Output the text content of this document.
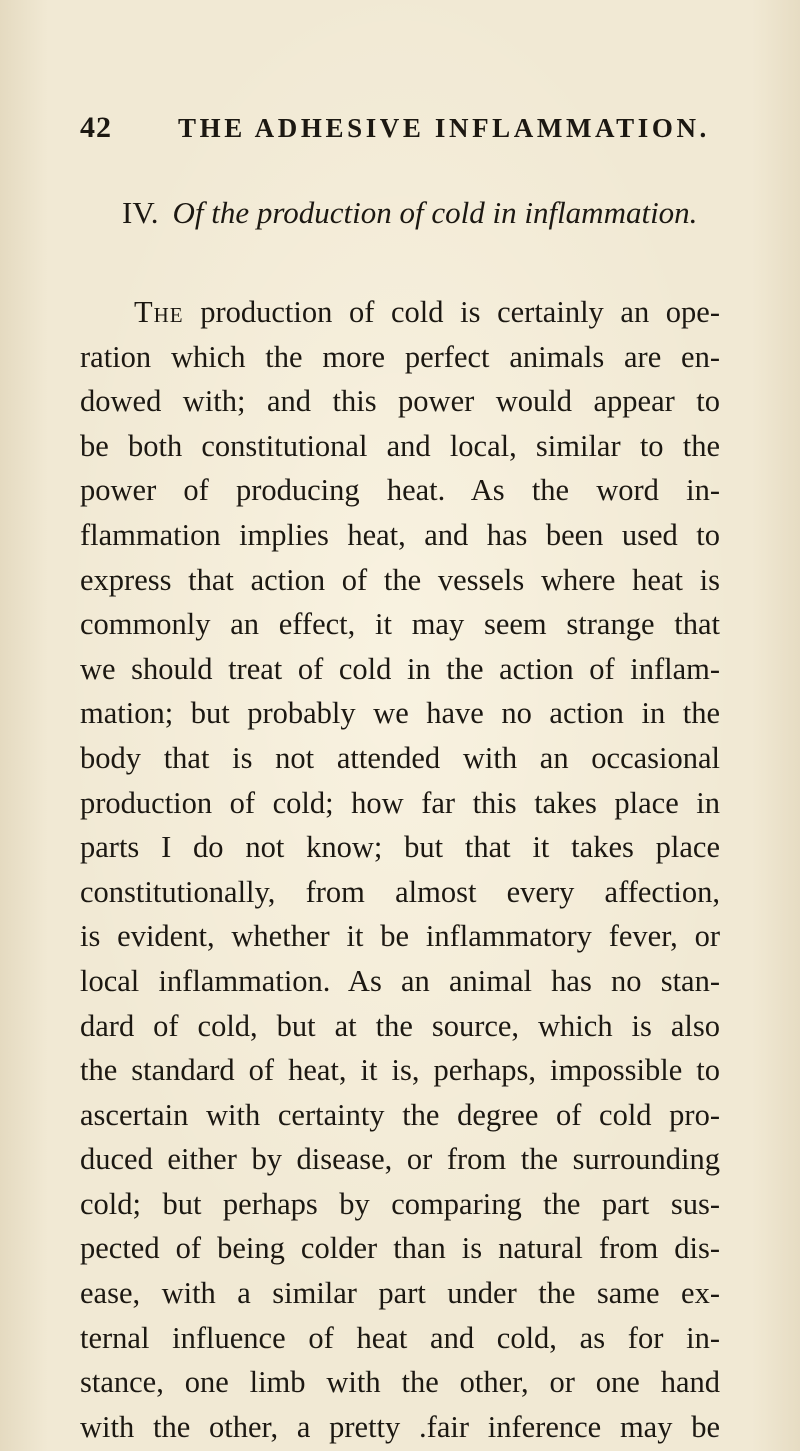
42 THE ADHESIVE INFLAMMATION.
IV. Of the production of cold in inflammation.
The production of cold is certainly an ope-
ration which the more perfect animals are en-
dowed with; and this power would appear to
be both constitutional and local, similar to the
power of producing heat. As the word in-
flammation implies heat, and has been used to
express that action of the vessels where heat is
commonly an effect, it may seem strange that
we should treat of cold in the action of inflam-
mation; but probably we have no action in the
body that is not attended with an occasional
production of cold; how far this takes place in
parts I do not know; but that it takes place
constitutionally, from almost every affection,
is evident, whether it be inflammatory fever, or
local inflammation. As an animal has no stan-
dard of cold, but at the source, which is also
the standard of heat, it is, perhaps, impossible to
ascertain with certainty the degree of cold pro-
duced either by disease, or from the surrounding
cold; but perhaps by comparing the part sus-
pected of being colder than is natural from dis-
ease, with a similar part under the same ex-
ternal influence of heat and cold, as for in-
stance, one limb with the other, or one hand
with the other, a pretty .fair inference may be
